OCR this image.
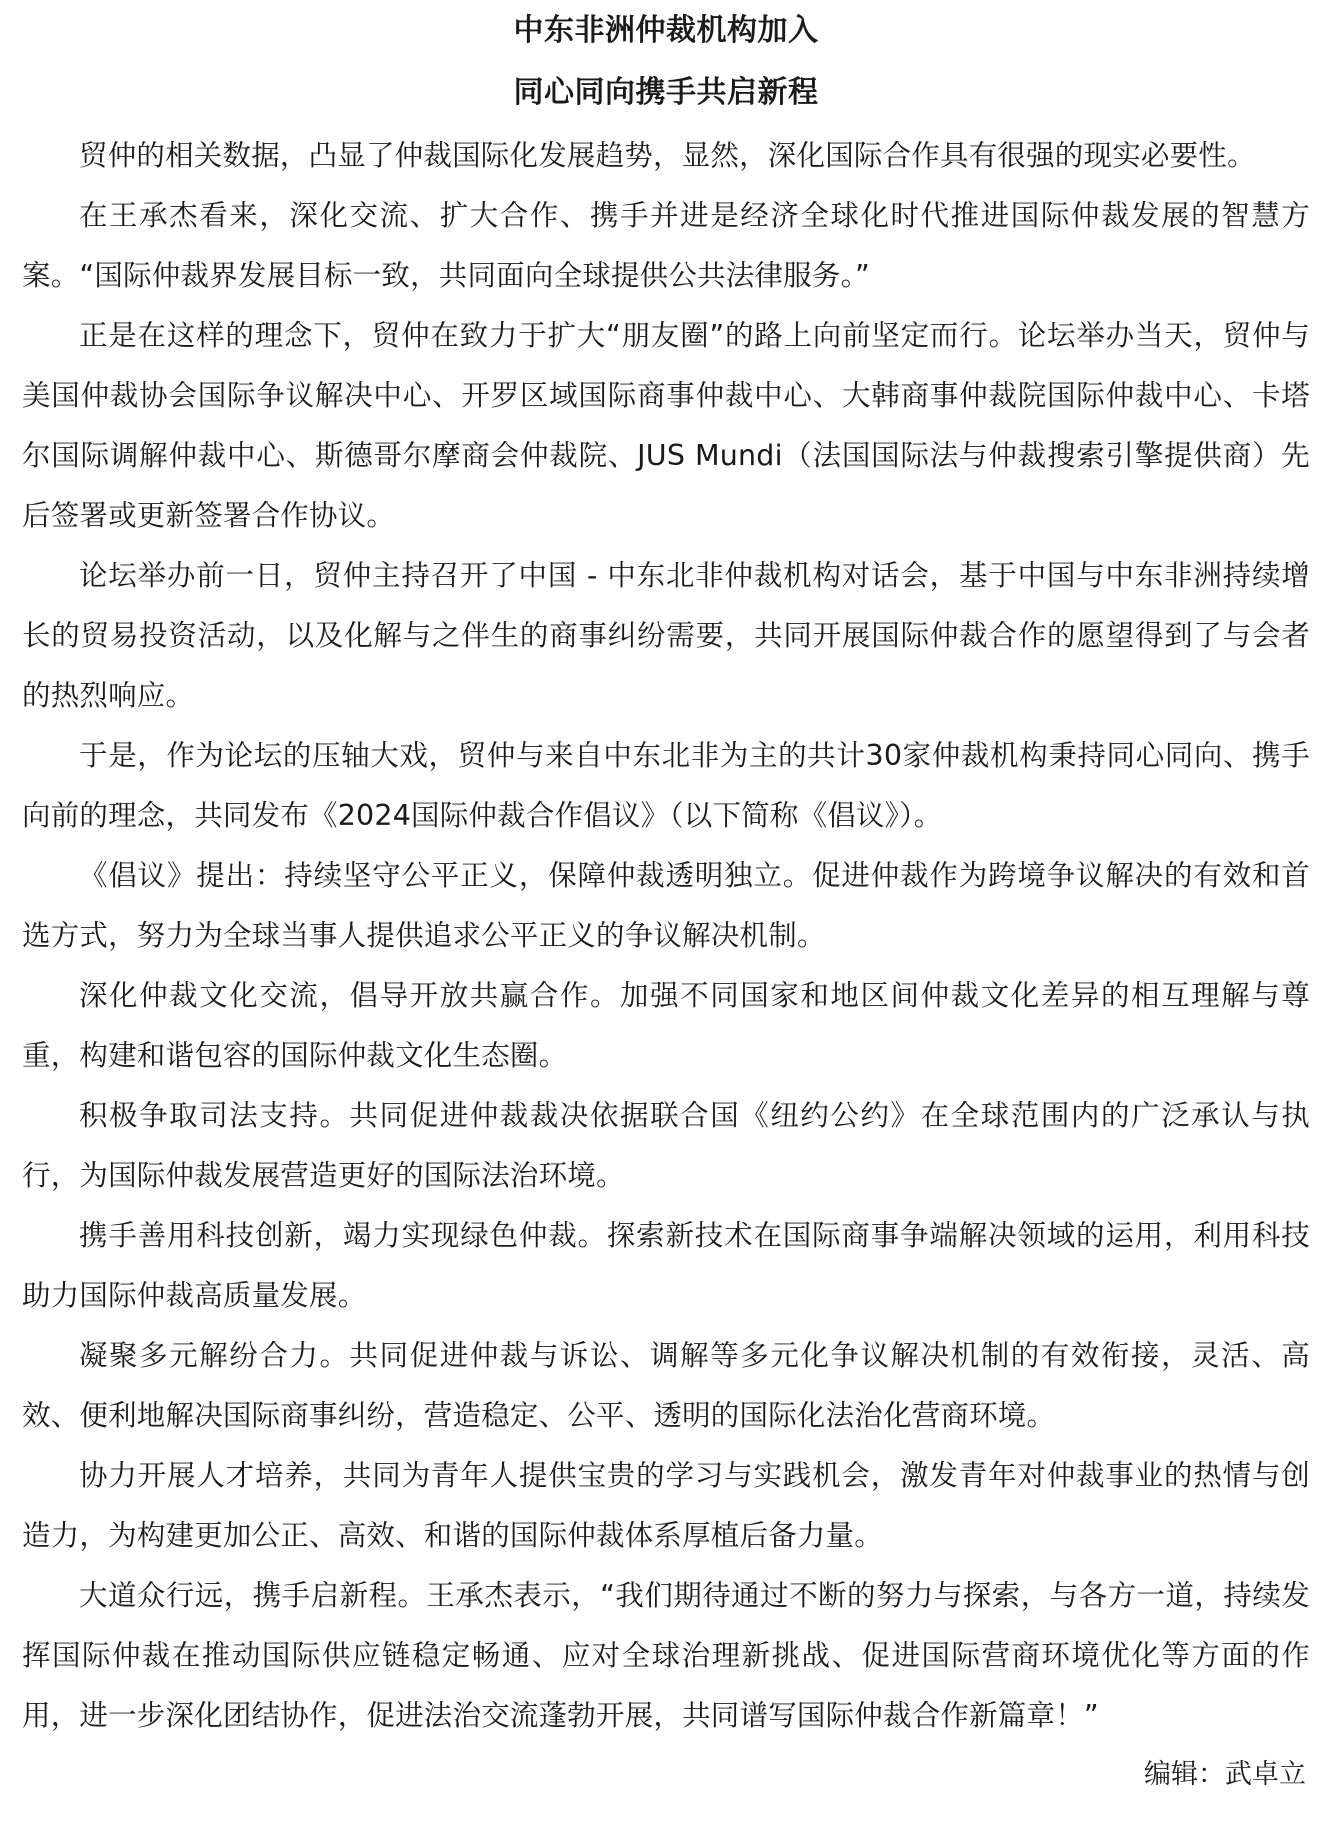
中东非洲仲裁机构加入
同心同向携手共启新程

贸仲的相关数据，凸显了仲裁国际化发展趋势，显然，深化国际合作具有很强的现实必要性。

在王承杰看来，深化交流、扩大合作、携手并进是经济全球化时代推进国际仲裁发展的智慧方案。“国际仲裁界发展目标一致，共同面向全球提供公共法律服务。”

正是在这样的理念下，贸仲在致力于扩大“朋友圈”的路上向前坚定而行。论坛举办当天，贸仲与美国仲裁协会国际争议解决中心、开罗区域国际商事仲裁中心、大韩商事仲裁院国际仲裁中心、卡塔尔国际调解仲裁中心、斯德哥尔摩商会仲裁院、JUS Mundi（法国国际法与仲裁搜索引擎提供商）先后签署或更新签署合作协议。

论坛举办前一日，贸仲主持召开了中国 - 中东北非仲裁机构对话会，基于中国与中东非洲持续增长的贸易投资活动，以及化解与之伴生的商事纠纷需要，共同开展国际仲裁合作的愿望得到了与会者的热烈响应。

于是，作为论坛的压轴大戏，贸仲与来自中东北非为主的共计30家仲裁机构秉持同心同向、携手向前的理念，共同发布《2024国际仲裁合作倡议》（以下简称《倡议》）。

《倡议》提出：持续坚守公平正义，保障仲裁透明独立。促进仲裁作为跨境争议解决的有效和首选方式，努力为全球当事人提供追求公平正义的争议解决机制。

深化仲裁文化交流，倡导开放共赢合作。加强不同国家和地区间仲裁文化差异的相互理解与尊重，构建和谐包容的国际仲裁文化生态圈。

积极争取司法支持。共同促进仲裁裁决依据联合国《纽约公约》在全球范围内的广泛承认与执行，为国际仲裁发展营造更好的国际法治环境。

携手善用科技创新，竭力实现绿色仲裁。探索新技术在国际商事争端解决领域的运用，利用科技助力国际仲裁高质量发展。

凝聚多元解纷合力。共同促进仲裁与诉讼、调解等多元化争议解决机制的有效衔接，灵活、高效、便利地解决国际商事纠纷，营造稳定、公平、透明的国际化法治化营商环境。

协力开展人才培养，共同为青年人提供宝贵的学习与实践机会，激发青年对仲裁事业的热情与创造力，为构建更加公正、高效、和谐的国际仲裁体系厚植后备力量。

大道众行远，携手启新程。王承杰表示，“我们期待通过不断的努力与探索，与各方一道，持续发挥国际仲裁在推动国际供应链稳定畅通、应对全球治理新挑战、促进国际营商环境优化等方面的作用，进一步深化团结协作，促进法治交流蓬勃开展，共同谱写国际仲裁合作新篇章！”

编辑：武卓立
